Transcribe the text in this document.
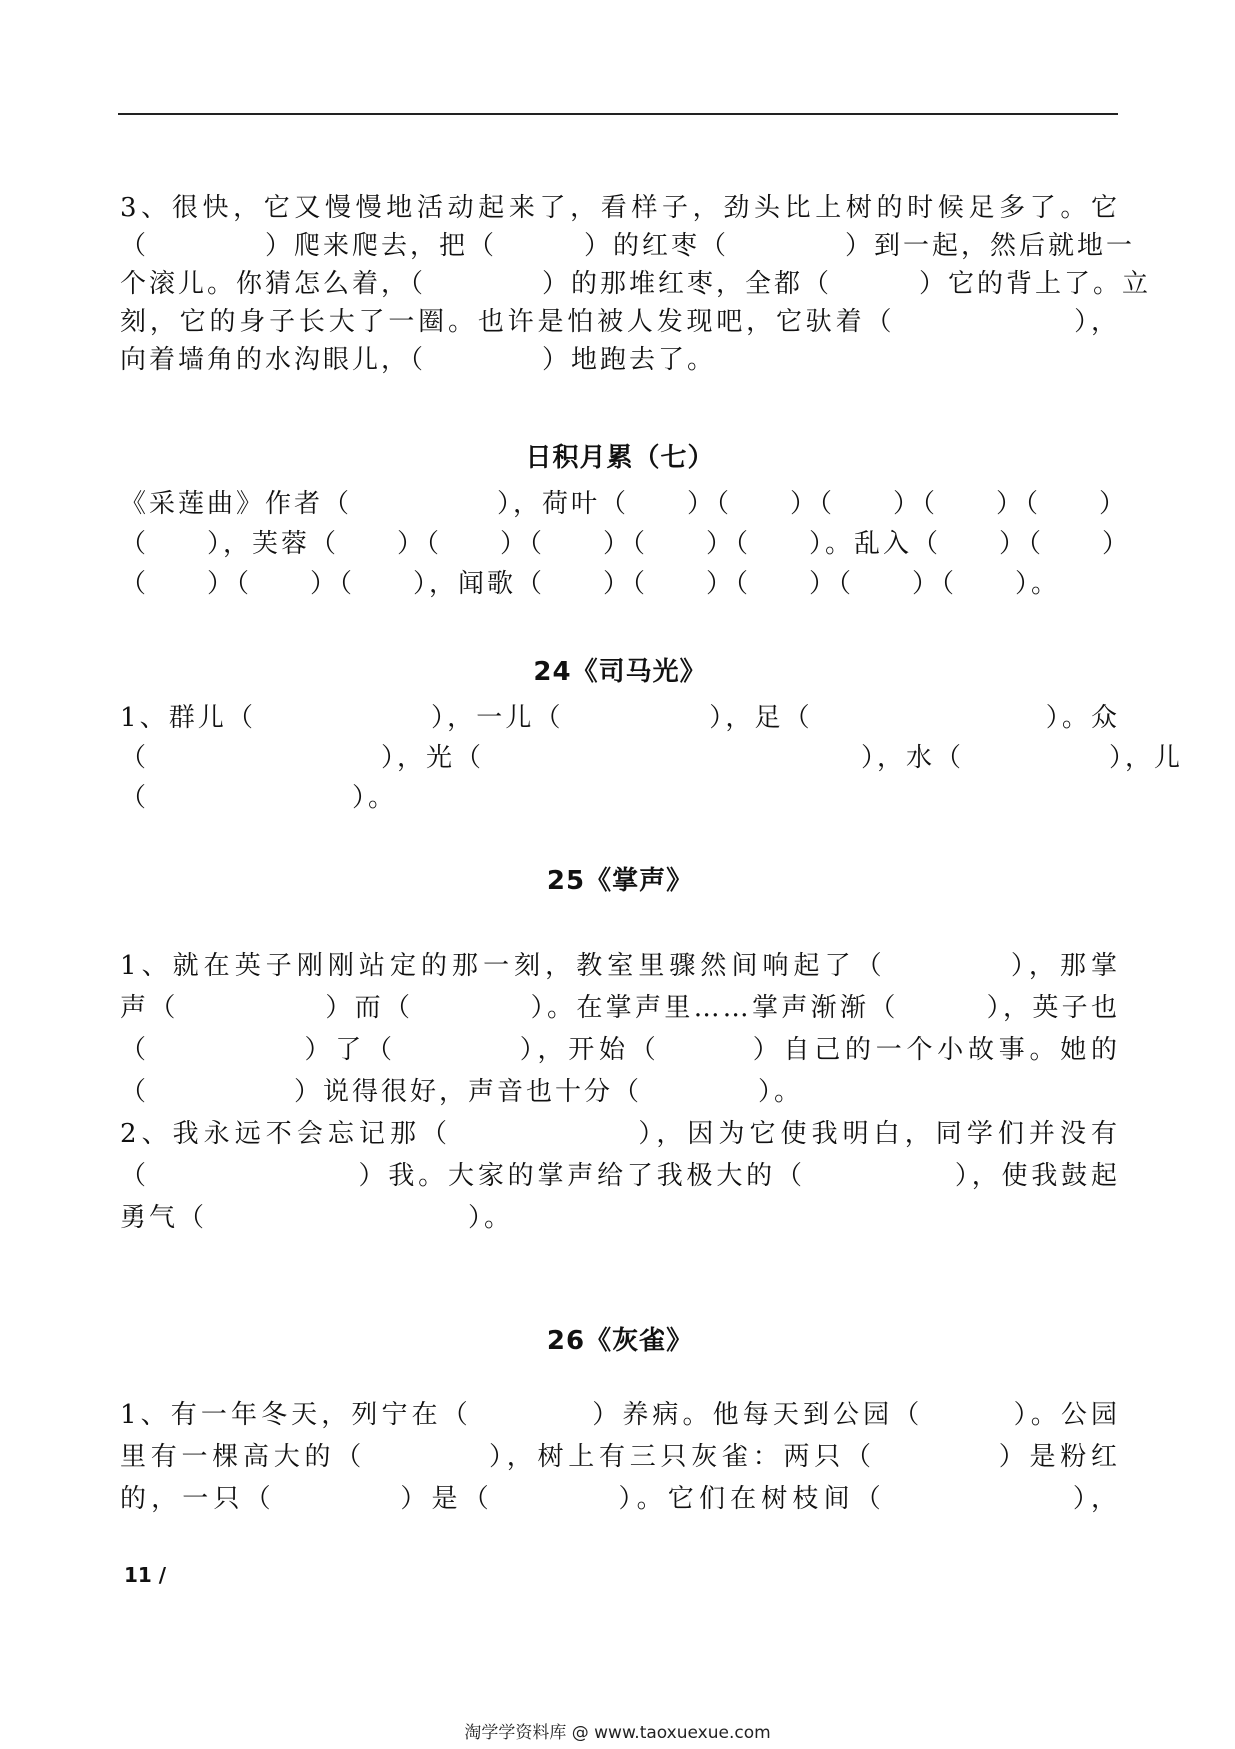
3、很快，它又慢慢地活动起来了，看样子，劲头比上树的时候足多了。它
（　　　　）爬来爬去，把（　　　）的红枣（　　　　）到一起，然后就地一
个滚儿。你猜怎么着，（　　　　）的那堆红枣，全都（　　　）它的背上了。立
刻，它的身子长大了一圈。也许是怕被人发现吧，它驮着（　　　　　　），
向着墙角的水沟眼儿，（　　　　）地跑去了。
日积月累（七）
《采莲曲》作者（　　　　　），荷叶（　　）（　　）（　　）（　　）（　　）
（　　），芙蓉（　　）（　　）（　　）（　　）（　　）。乱入（　　）（　　）
（　　）（　　）（　　），闻歌（　　）（　　）（　　）（　　）（　　）。
24《司马光》
1、群儿（　　　　　　），一儿（　　　　　），足（　　　　　　　　）。众
（　　　　　　　　），光（　　　　　　　　　　　　　），水（　　　　　），儿
（　　　　　　　）。
25《掌声》
1、就在英子刚刚站定的那一刻，教室里骤然间响起了（　　　　），那掌
声（　　　　　）而（　　　　）。在掌声里……掌声渐渐（　　　），英子也
（　　　　　）了（　　　　），开始（　　　）自己的一个小故事。她的
（　　　　　）说得很好，声音也十分（　　　　）。
2、我永远不会忘记那（　　　　　　），因为它使我明白，同学们并没有
（　　　　　　　）我。大家的掌声给了我极大的（　　　　　），使我鼓起
勇气（　　　　　　　　　）。
26《灰雀》
1、有一年冬天，列宁在（　　　　）养病。他每天到公园（　　　）。公园
里有一棵高大的（　　　　），树上有三只灰雀：两只（　　　　）是粉红
的，一只（　　　　）是（　　　　）。它们在树枝间（　　　　　　），
11 /
淘学学资料库 @ www.taoxuexue.com
